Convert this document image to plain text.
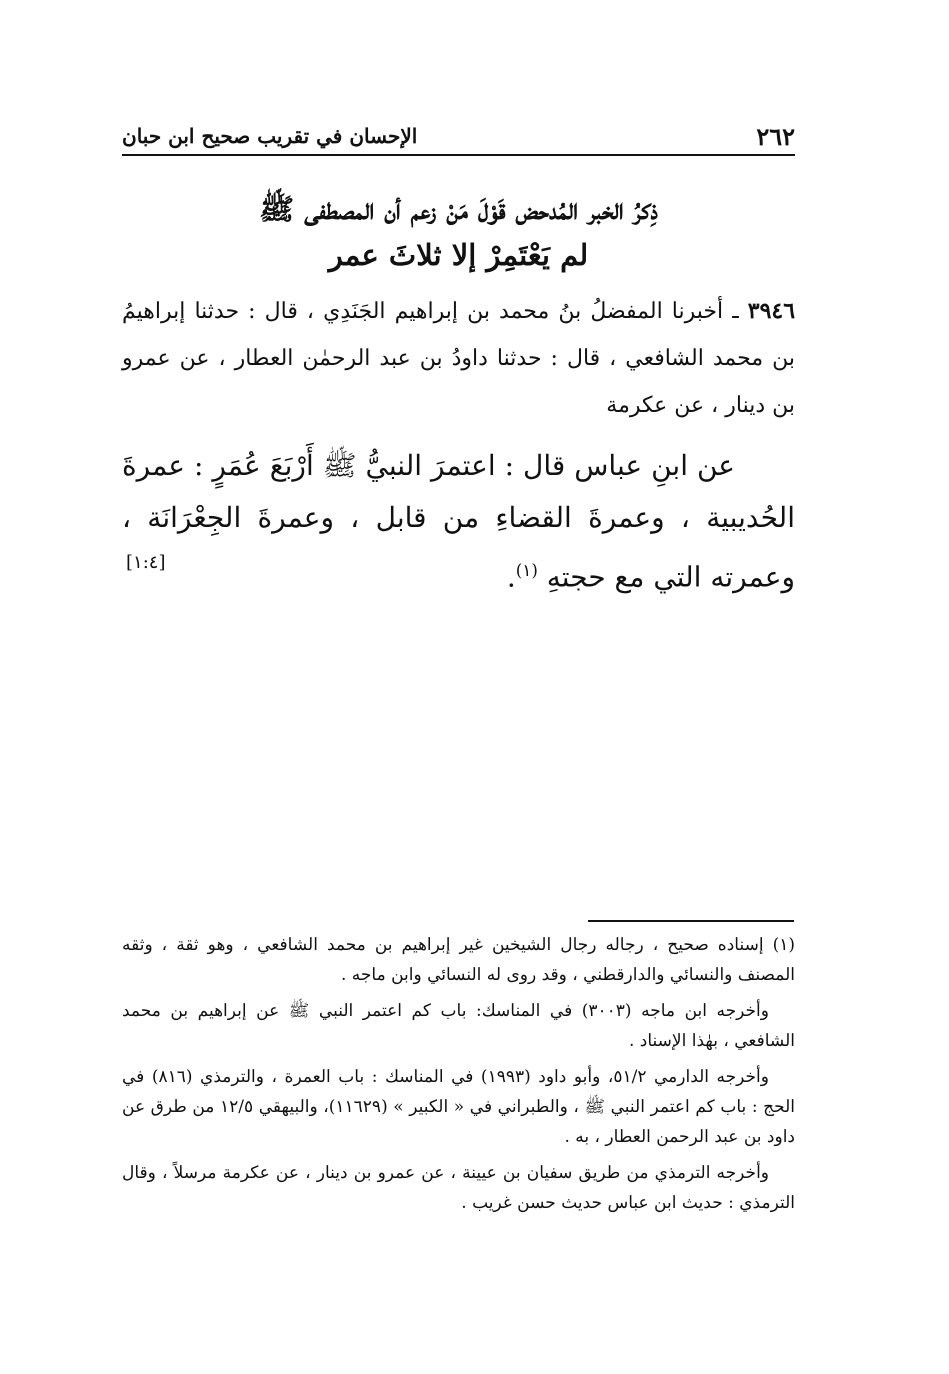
٢٦٢
الإحسان في تقريب صحيح ابن حبان
ذِكرُ الخبر المُدحض قَوْلَ مَنْ زعم أن المصطفى ﷺ
لم يَعْتَمِرْ إلا ثلاثَ عمر
٣٩٤٦ ـ أخبرنا المفضلُ بنُ محمد بن إبراهيم الجَنَدِي ، قال : حدثنا إبراهيمُ بن محمد الشافعي ، قال : حدثنا داودُ بن عبد الرحمٰن العطار ، عن عمرو بن دينار ، عن عكرمة
عن ابنِ عباس قال : اعتمرَ النبيُّ ﷺ أَرْبَعَ عُمَرٍ : عمرةَ الحُديبية ، وعمرةَ القضاءِ من قابل ، وعمرةَ الجِعْرَانَة ، وعمرته التي مع حجتهِ $^{(١)}$.
[١:٤]

(١) إسناده صحيح ، رجاله رجال الشيخين غير إبراهيم بن محمد الشافعي ، وهو ثقة ، وثقه المصنف والنسائي والدارقطني ، وقد روى له النسائي وابن ماجه .

وأخرجه ابن ماجه (٣٠٠٣) في المناسك: باب كم اعتمر النبي ﷺ عن إبراهيم بن محمد الشافعي ، بهٰذا الإسناد .

وأخرجه الدارمي ٥١/٢، وأبو داود (١٩٩٣) في المناسك : باب العمرة ، والترمذي (٨١٦) في الحج : باب كم اعتمر النبي ﷺ ، والطبراني في « الكبير » (١١٦٢٩)، والبيهقي ١٢/٥ من طرق عن داود بن عبد الرحمن العطار ، به .

وأخرجه الترمذي من طريق سفيان بن عيينة ، عن عمرو بن دينار ، عن عكرمة مرسلاً ، وقال الترمذي : حديث ابن عباس حديث حسن غريب .
